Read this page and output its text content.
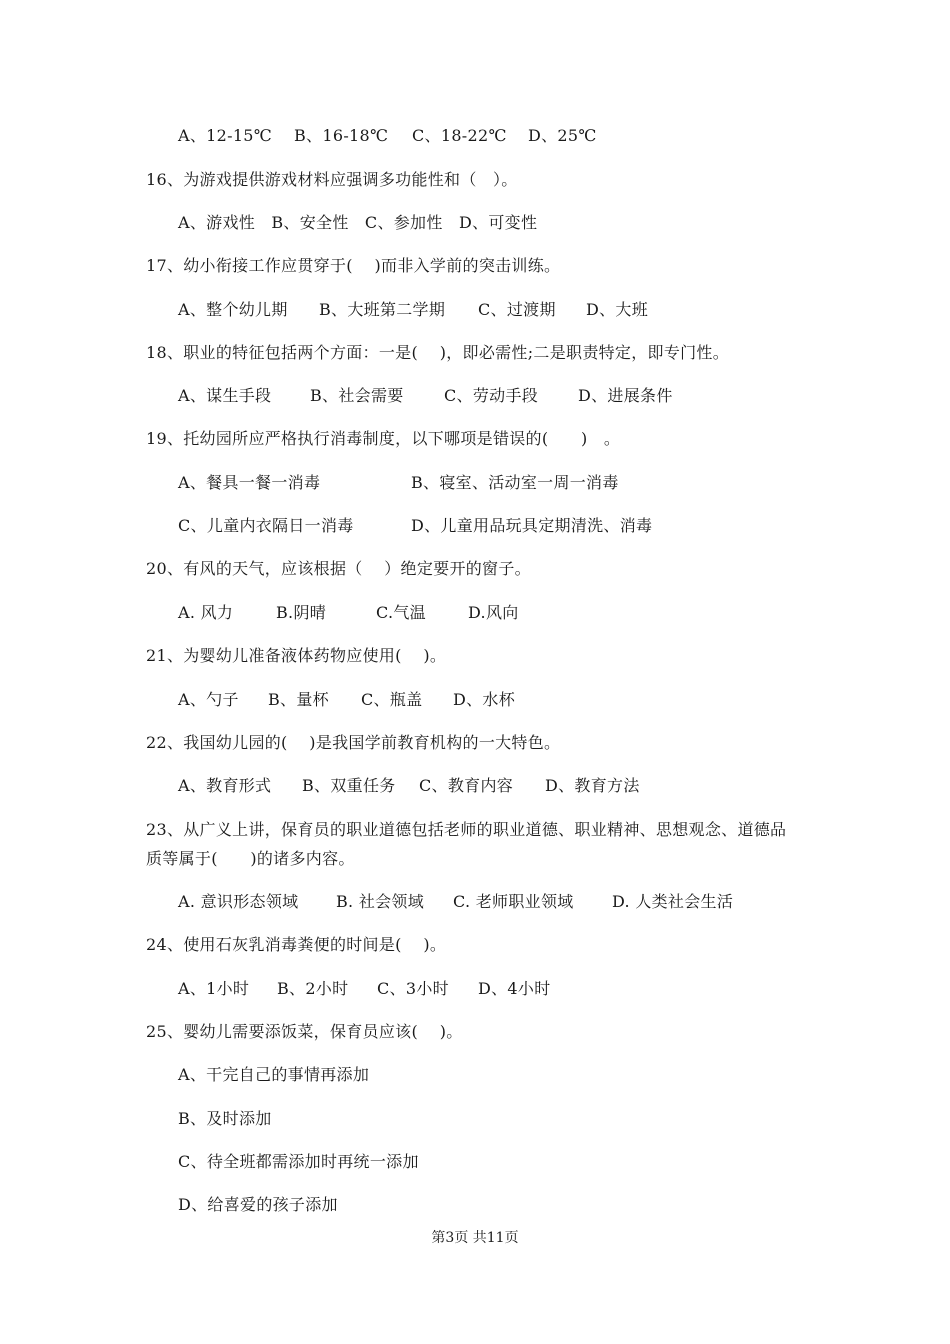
A、12-15℃ B、16-18℃ C、18-22℃ D、25℃
16、为游戏提供游戏材料应强调多功能性和（　）。
A、游戏性　B、安全性　C、参加性　D、可变性
17、幼小衔接工作应贯穿于(　 )而非入学前的突击训练。
A、整个幼儿期 B、大班第二学期 C、过渡期 D、大班
18、职业的特征包括两个方面：一是(　 )，即必需性;二是职责特定，即专门性。
A、谋生手段 B、社会需要	C、劳动手段 D、进展条件
19、托幼园所应严格执行消毒制度，以下哪项是错误的(　　)　。
A、餐具一餐一消毒	B、寝室、活动室一周一消毒
C、儿童内衣隔日一消毒	D、儿童用品玩具定期清洗、消毒
20、有风的天气，应该根据（　 ）绝定要开的窗子。
A. 风力	B.阴晴	C.气温	D.风向
21、为婴幼儿准备液体药物应使用(　 )。
A、勺子 B、量杯 C、瓶盖 D、水杯
22、我国幼儿园的(　 )是我国学前教育机构的一大特色。
A、教育形式 B、双重任务 C、教育内容 D、教育方法
23、从广义上讲，保育员的职业道德包括老师的职业道德、职业精神、思想观念、道德品
质等属于(　　)的诸多内容。
A. 意识形态领域 B. 社会领域 C. 老师职业领域 D. 人类社会生活
24、使用石灰乳消毒粪便的时间是(　 )。
A、1小时 B、2小时 C、3小时 D、4小时
25、婴幼儿需要添饭菜，保育员应该(　 )。
A、干完自己的事情再添加
B、及时添加
C、待全班都需添加时再统一添加
D、给喜爱的孩子添加
第3页 共11页
